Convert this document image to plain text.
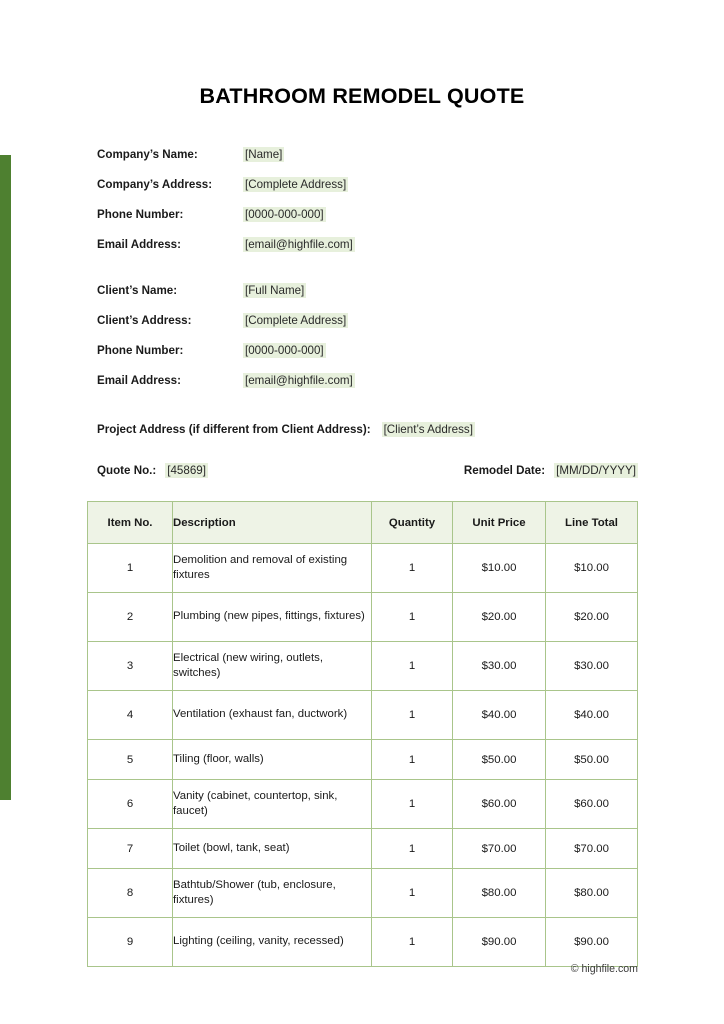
BATHROOM REMODEL QUOTE
Company’s Name:	[Name]
Company’s Address:	[Complete Address]
Phone Number:	[0000-000-000]
Email Address:	[email@highfile.com]
Client’s Name:	[Full Name]
Client’s Address:	[Complete Address]
Phone Number:	[0000-000-000]
Email Address:	[email@highfile.com]
Project Address (if different from Client Address): [Client’s Address]
Quote No.: [45869]	Remodel Date: [MM/DD/YYYY]
Item No.	Description	Quantity	Unit Price	Line Total
1	Demolition and removal of existing fixtures	1	$10.00	$10.00
2	Plumbing (new pipes, fittings, fixtures)	1	$20.00	$20.00
3	Electrical (new wiring, outlets, switches)	1	$30.00	$30.00
4	Ventilation (exhaust fan, ductwork)	1	$40.00	$40.00
5	Tiling (floor, walls)	1	$50.00	$50.00
6	Vanity (cabinet, countertop, sink, faucet)	1	$60.00	$60.00
7	Toilet (bowl, tank, seat)	1	$70.00	$70.00
8	Bathtub/Shower (tub, enclosure, fixtures)	1	$80.00	$80.00
9	Lighting (ceiling, vanity, recessed)	1	$90.00	$90.00
© highfile.com
